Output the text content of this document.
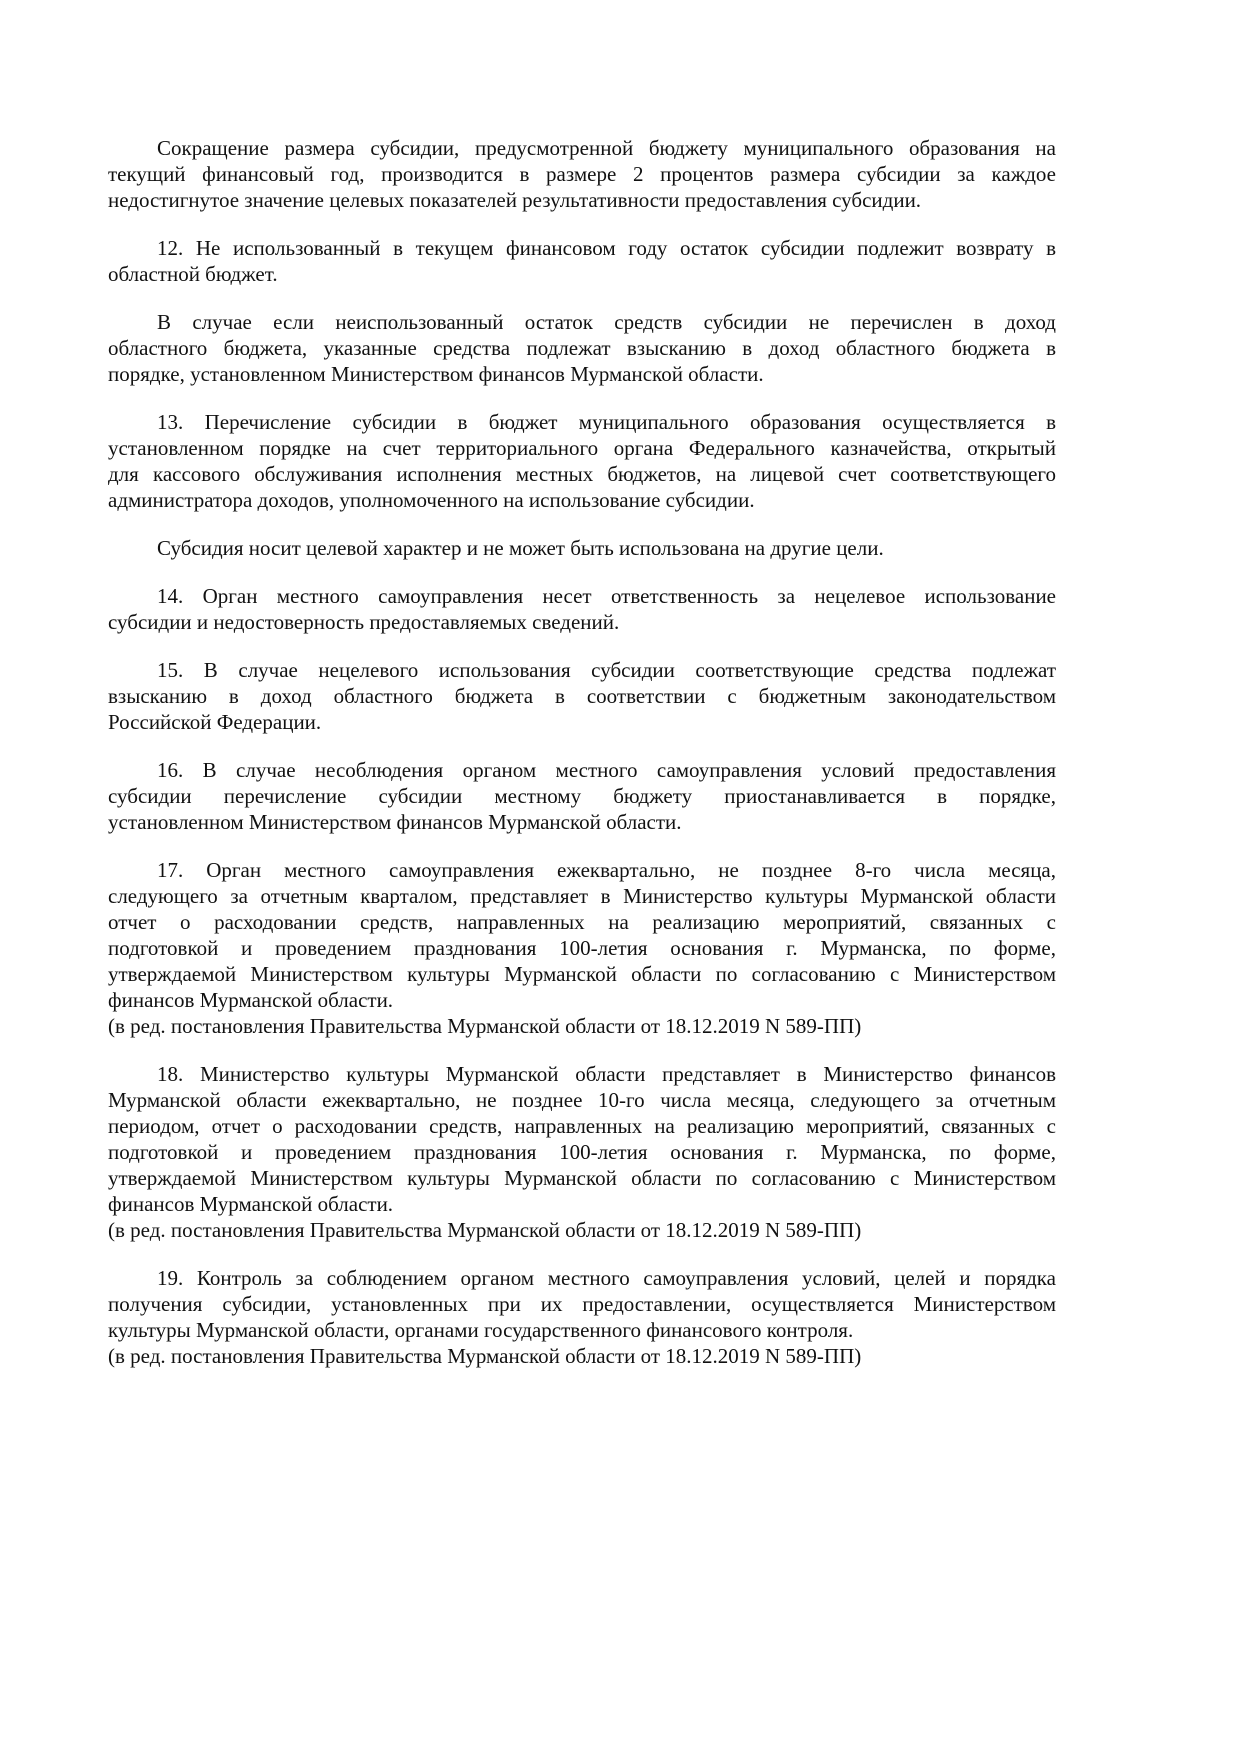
Сокращение размера субсидии, предусмотренной бюджету муниципального образования на
текущий финансовый год, производится в размере 2 процентов размера субсидии за каждое
недостигнутое значение целевых показателей результативности предоставления субсидии.
12. Не использованный в текущем финансовом году остаток субсидии подлежит возврату в
областной бюджет.
В случае если неиспользованный остаток средств субсидии не перечислен в доход
областного бюджета, указанные средства подлежат взысканию в доход областного бюджета в
порядке, установленном Министерством финансов Мурманской области.
13. Перечисление субсидии в бюджет муниципального образования осуществляется в
установленном порядке на счет территориального органа Федерального казначейства, открытый
для кассового обслуживания исполнения местных бюджетов, на лицевой счет соответствующего
администратора доходов, уполномоченного на использование субсидии.
Субсидия носит целевой характер и не может быть использована на другие цели.
14. Орган местного самоуправления несет ответственность за нецелевое использование
субсидии и недостоверность предоставляемых сведений.
15. В случае нецелевого использования субсидии соответствующие средства подлежат
взысканию в доход областного бюджета в соответствии с бюджетным законодательством
Российской Федерации.
16. В случае несоблюдения органом местного самоуправления условий предоставления
субсидии перечисление субсидии местному бюджету приостанавливается в порядке,
установленном Министерством финансов Мурманской области.
17. Орган местного самоуправления ежеквартально, не позднее 8-го числа месяца,
следующего за отчетным кварталом, представляет в Министерство культуры Мурманской области
отчет о расходовании средств, направленных на реализацию мероприятий, связанных с
подготовкой и проведением празднования 100-летия основания г. Мурманска, по форме,
утверждаемой Министерством культуры Мурманской области по согласованию с Министерством
финансов Мурманской области.
(в ред. постановления Правительства Мурманской области от 18.12.2019 N 589-ПП)
18. Министерство культуры Мурманской области представляет в Министерство финансов
Мурманской области ежеквартально, не позднее 10-го числа месяца, следующего за отчетным
периодом, отчет о расходовании средств, направленных на реализацию мероприятий, связанных с
подготовкой и проведением празднования 100-летия основания г. Мурманска, по форме,
утверждаемой Министерством культуры Мурманской области по согласованию с Министерством
финансов Мурманской области.
(в ред. постановления Правительства Мурманской области от 18.12.2019 N 589-ПП)
19. Контроль за соблюдением органом местного самоуправления условий, целей и порядка
получения субсидии, установленных при их предоставлении, осуществляется Министерством
культуры Мурманской области, органами государственного финансового контроля.
(в ред. постановления Правительства Мурманской области от 18.12.2019 N 589-ПП)
